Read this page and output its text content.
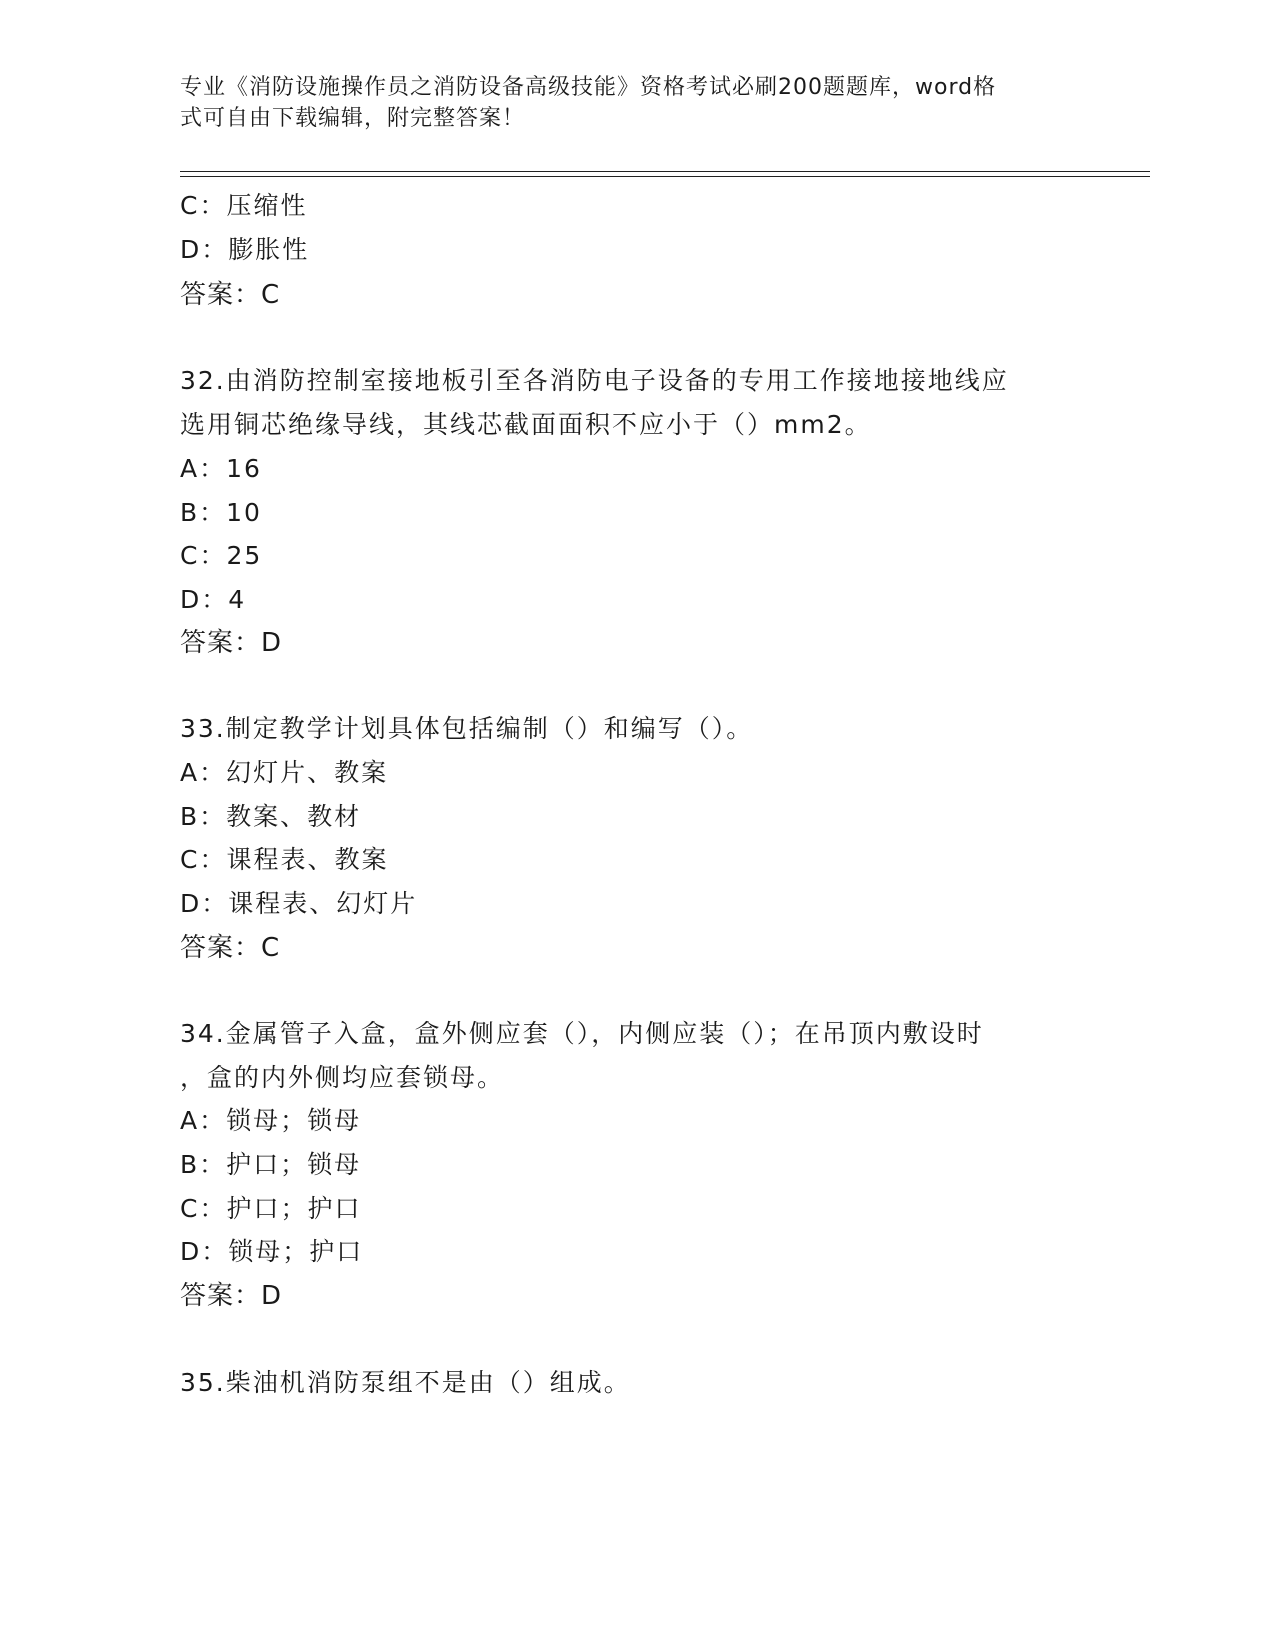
专业《消防设施操作员之消防设备高级技能》资格考试必刷200题题库，word格
式可自由下载编辑，附完整答案！
C：压缩性
D：膨胀性
答案：C
32.由消防控制室接地板引至各消防电子设备的专用工作接地接地线应
选用铜芯绝缘导线，其线芯截面面积不应小于（）mm2。
A：16
B：10
C：25
D：4
答案：D
33.制定教学计划具体包括编制（）和编写（）。
A：幻灯片、教案
B：教案、教材
C：课程表、教案
D：课程表、幻灯片
答案：C
34.金属管子入盒，盒外侧应套（），内侧应装（）；在吊顶内敷设时
，盒的内外侧均应套锁母。
A：锁母；锁母
B：护口；锁母
C：护口；护口
D：锁母；护口
答案：D
35.柴油机消防泵组不是由（）组成。
